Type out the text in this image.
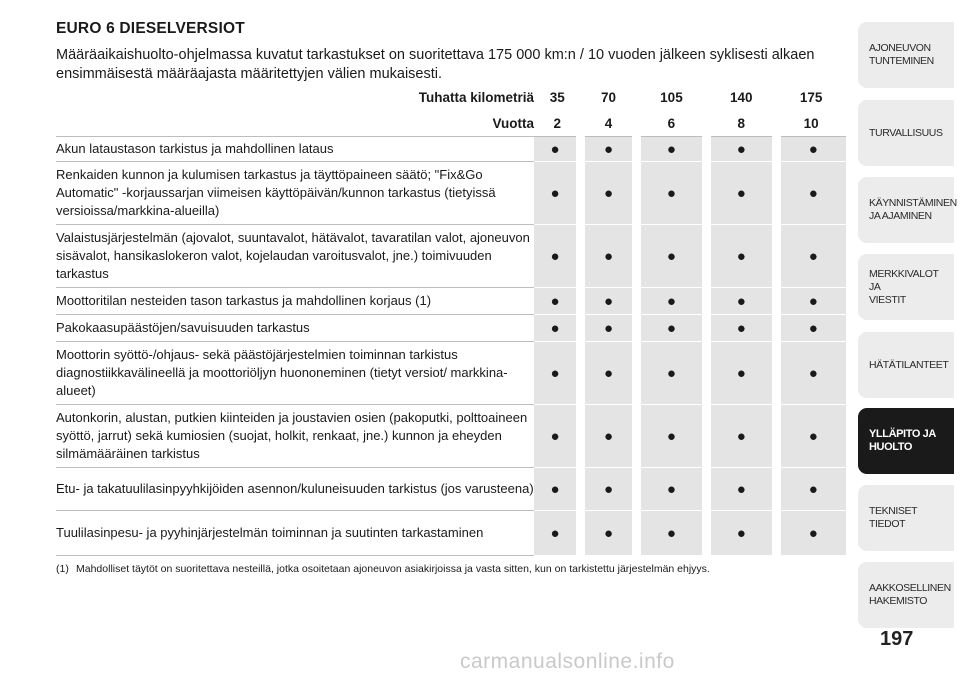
EURO 6 DIESELVERSIOT
Määräaikaishuolto-ohjelmassa kuvatut tarkastukset on suoritettava 175 000 km:n / 10 vuoden jälkeen syklisesti alkaen ensimmäisestä määräajasta määritettyjen välien mukaisesti.
Tuhatta kilometriä	35	70	105	140	175
Vuotta	2	4	6	8	10
Akun lataustason tarkistus ja mahdollinen lataus	●	●	●	●	●
Renkaiden kunnon ja kulumisen tarkastus ja täyttöpaineen säätö; "Fix&Go Automatic" -korjaussarjan viimeisen käyttöpäivän/kunnon tarkastus (tietyissä versioissa/markkina-alueilla)	●	●	●	●	●
Valaistusjärjestelmän (ajovalot, suuntavalot, hätävalot, tavaratilan valot, ajoneuvon sisävalot, hansikaslokeron valot, kojelaudan varoitusvalot, jne.) toimivuuden tarkastus	●	●	●	●	●
Moottoritilan nesteiden tason tarkastus ja mahdollinen korjaus (1)	●	●	●	●	●
Pakokaasupäästöjen/savuisuuden tarkastus	●	●	●	●	●
Moottorin syöttö-/ohjaus- sekä päästöjärjestelmien toiminnan tarkistus diagnostiikkavälineellä ja moottoriöljyn huononeminen (tietyt versiot/ markkina-alueet)	●	●	●	●	●
Autonkorin, alustan, putkien kiinteiden ja joustavien osien (pakoputki, polttoaineen syöttö, jarrut) sekä kumiosien (suojat, holkit, renkaat, jne.) kunnon ja eheyden silmämääräinen tarkistus	●	●	●	●	●
Etu- ja takatuulilasinpyyhkijöiden asennon/kuluneisuuden tarkistus (jos varusteena)	●	●	●	●	●
Tuulilasinpesu- ja pyyhinjärjestelmän toiminnan ja suutinten tarkastaminen	●	●	●	●	●
(1) Mahdolliset täytöt on suoritettava nesteillä, jotka osoitetaan ajoneuvon asiakirjoissa ja vasta sitten, kun on tarkistettu järjestelmän ehjyys.
AJONEUVON
TUNTEMINEN
TURVALLISUUS
KÄYNNISTÄMINEN
JA AJAMINEN
MERKKIVALOT JA
VIESTIT
HÄTÄTILANTEET
YLLÄPITO JA
HUOLTO
TEKNISET TIEDOT
AAKKOSELLINEN
HAKEMISTO
197
carmanualsonline.info
